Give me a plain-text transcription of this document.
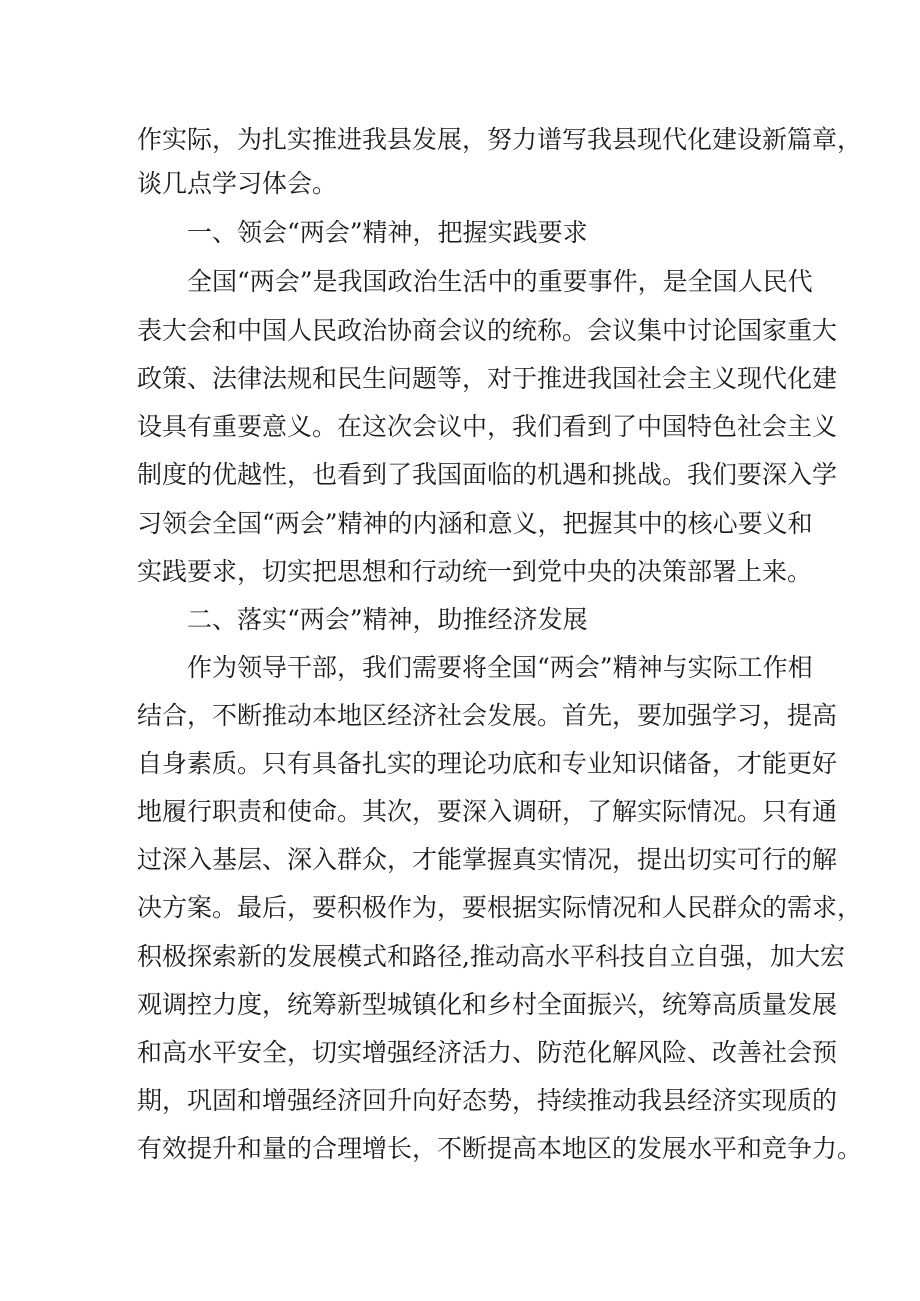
作实际，为扎实推进我县发展，努力谱写我县现代化建设新篇章，
谈几点学习体会。
一、领会“两会”精神，把握实践要求
全国“两会”是我国政治生活中的重要事件，是全国人民代
表大会和中国人民政治协商会议的统称。会议集中讨论国家重大
政策、法律法规和民生问题等，对于推进我国社会主义现代化建
设具有重要意义。在这次会议中，我们看到了中国特色社会主义
制度的优越性，也看到了我国面临的机遇和挑战。我们要深入学
习领会全国“两会”精神的内涵和意义，把握其中的核心要义和
实践要求，切实把思想和行动统一到党中央的决策部署上来。
二、落实“两会”精神，助推经济发展
作为领导干部，我们需要将全国“两会”精神与实际工作相
结合，不断推动本地区经济社会发展。首先，要加强学习，提高
自身素质。只有具备扎实的理论功底和专业知识储备，才能更好
地履行职责和使命。其次，要深入调研，了解实际情况。只有通
过深入基层、深入群众，才能掌握真实情况，提出切实可行的解
决方案。最后，要积极作为，要根据实际情况和人民群众的需求，
积极探索新的发展模式和路径,推动高水平科技自立自强，加大宏
观调控力度，统筹新型城镇化和乡村全面振兴，统筹高质量发展
和高水平安全，切实增强经济活力、防范化解风险、改善社会预
期，巩固和增强经济回升向好态势，持续推动我县经济实现质的
有效提升和量的合理增长，不断提高本地区的发展水平和竞争力。
